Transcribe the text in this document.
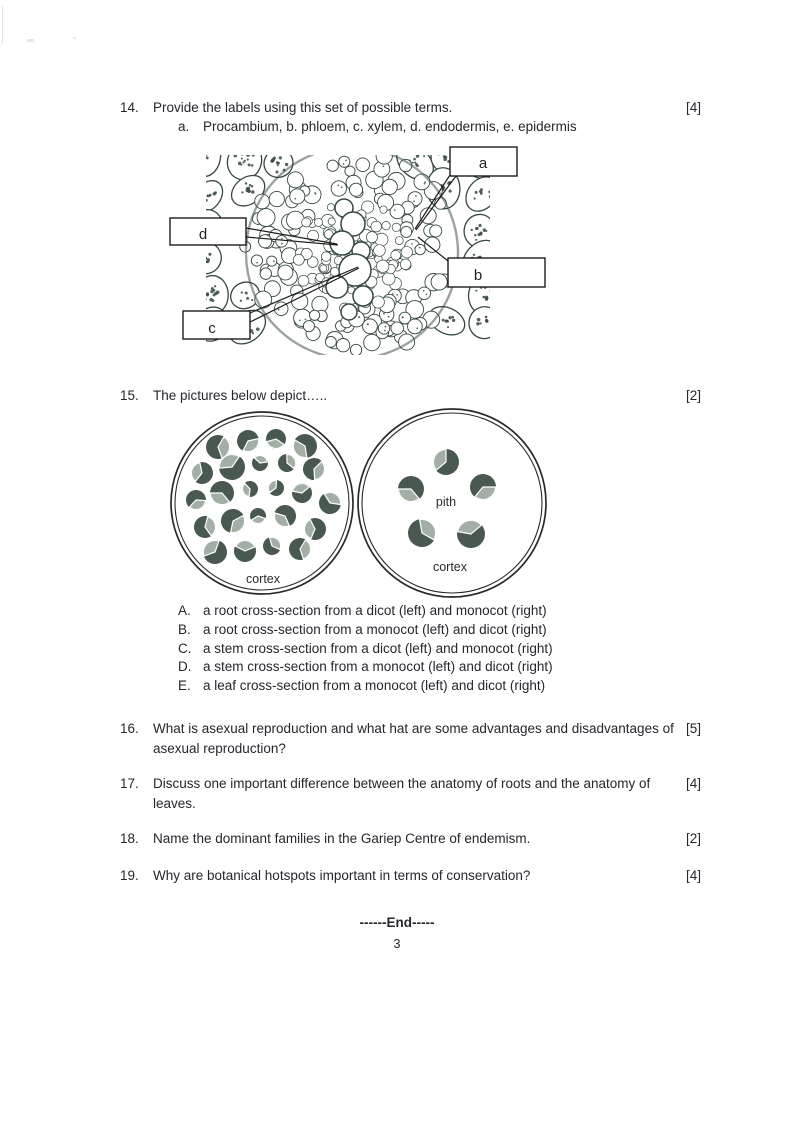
14. Provide the labels using this set of possible terms.	[4]
a. Procambium, b. phloem, c. xylem, d. endodermis, e. epidermis
a
b
d
c
15. The pictures below depict…..	[2]
cortex
pith
cortex
A. a root cross-section from a dicot (left) and monocot (right)
B. a root cross-section from a monocot (left) and dicot (right)
C. a stem cross-section from a dicot (left) and monocot (right)
D. a stem cross-section from a monocot (left) and dicot (right)
E. a leaf cross-section from a monocot (left) and dicot (right)
16. What is asexual reproduction and what hat are some advantages and disadvantages of asexual reproduction?
[5]
17. Discuss one important difference between the anatomy of roots and the anatomy of leaves.
[4]
18. Name the dominant families in the Gariep Centre of endemism.	[2]
19. Why are botanical hotspots important in terms of conservation?	[4]
------End-----
3
